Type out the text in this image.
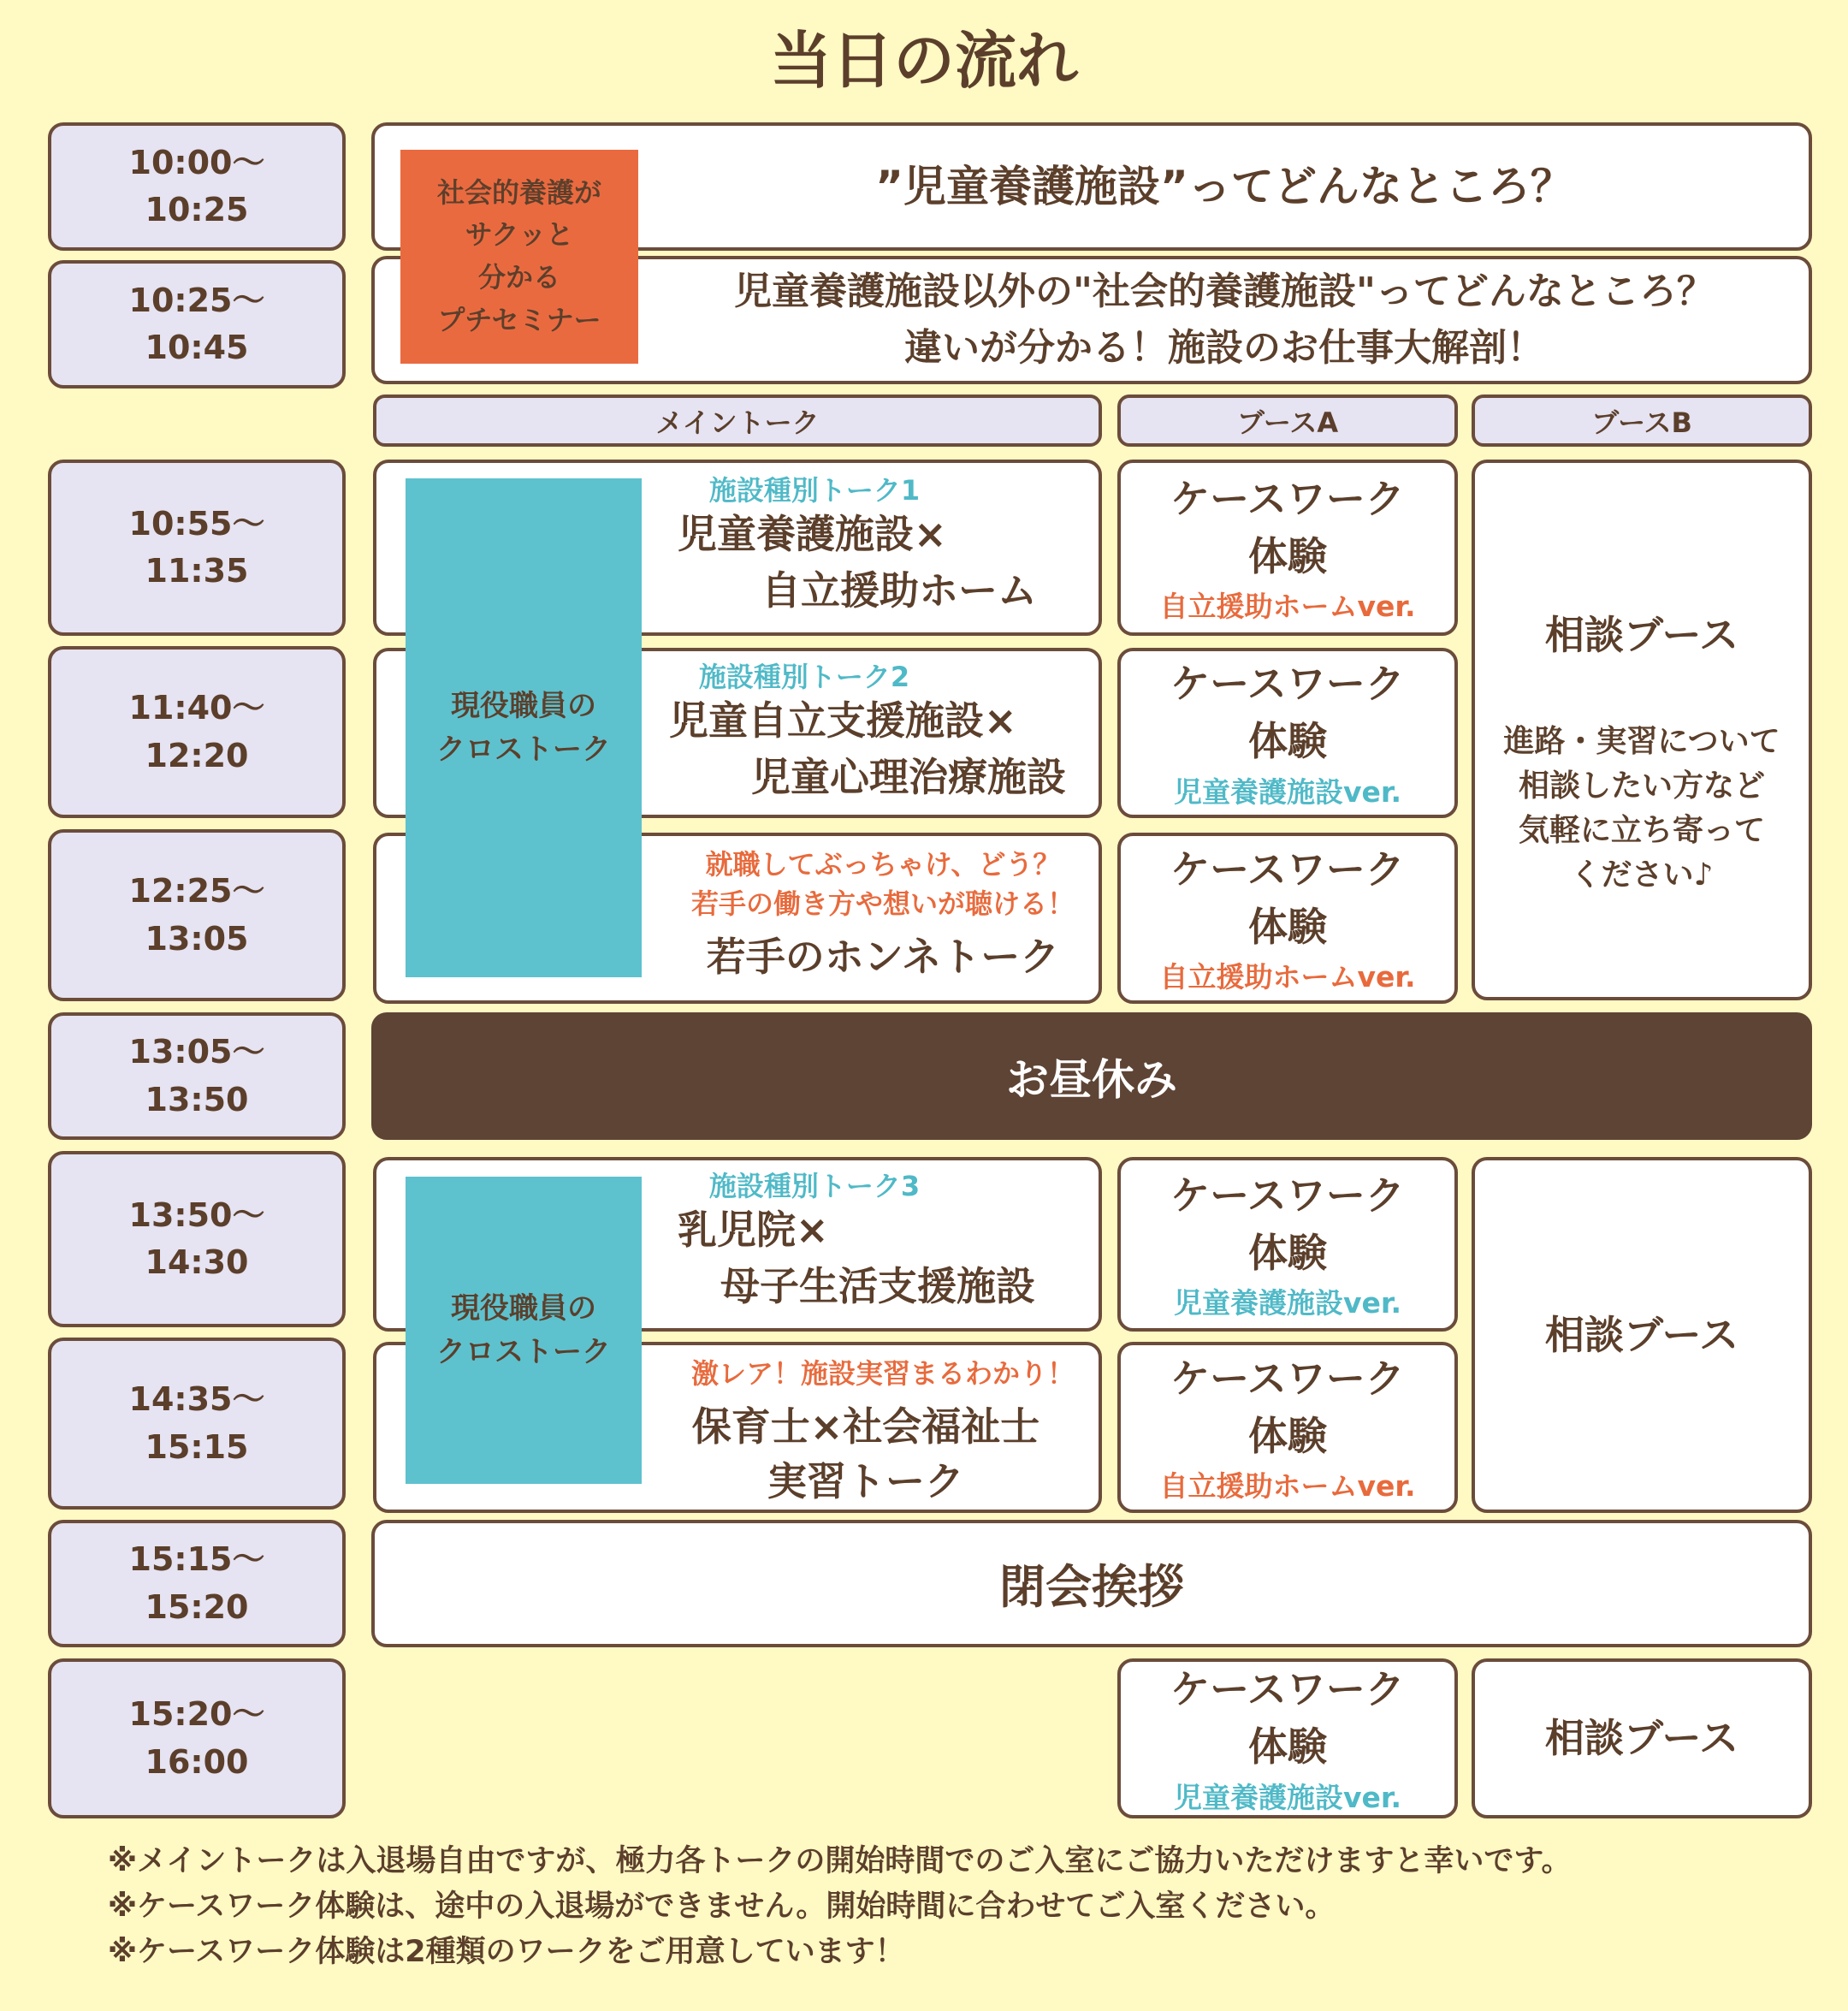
当日の流れ
10:00〜
10:25
10:25〜
10:45
10:55〜
11:35
11:40〜
12:20
12:25〜
13:05
13:05〜
13:50
13:50〜
14:30
14:35〜
15:15
15:15〜
15:20
15:20〜
16:00
”児童養護施設”ってどんなところ？
児童養護施設以外の"社会的養護施設"ってどんなところ？
違いが分かる！施設のお仕事大解剖！
社会的養護が
サクッと
分かる
プチセミナー
メイントーク	ブースA	ブースB
施設種別トーク1
児童養護施設×
自立援助ホーム
施設種別トーク2
児童自立支援施設×
児童心理治療施設
就職してぶっちゃけ、どう？
若手の働き方や想いが聴ける！
若手のホンネトーク
現役職員の
クロストーク
ケースワーク
体験
自立援助ホームver.
ケースワーク
体験
児童養護施設ver.
ケースワーク
体験
自立援助ホームver.
相談ブース
進路・実習について
相談したい方など
気軽に立ち寄って
ください♪
お昼休み
施設種別トーク3
乳児院×
母子生活支援施設
激レア！施設実習まるわかり！
保育士×社会福祉士
実習トーク
現役職員の
クロストーク
ケースワーク
体験
児童養護施設ver.
ケースワーク
体験
自立援助ホームver.
相談ブース
閉会挨拶
ケースワーク
体験
児童養護施設ver.
相談ブース
※メイントークは入退場自由ですが、極力各トークの開始時間でのご入室にご協力いただけますと幸いです。
※ケースワーク体験は、途中の入退場ができません。開始時間に合わせてご入室ください。
※ケースワーク体験は2種類のワークをご用意しています！
